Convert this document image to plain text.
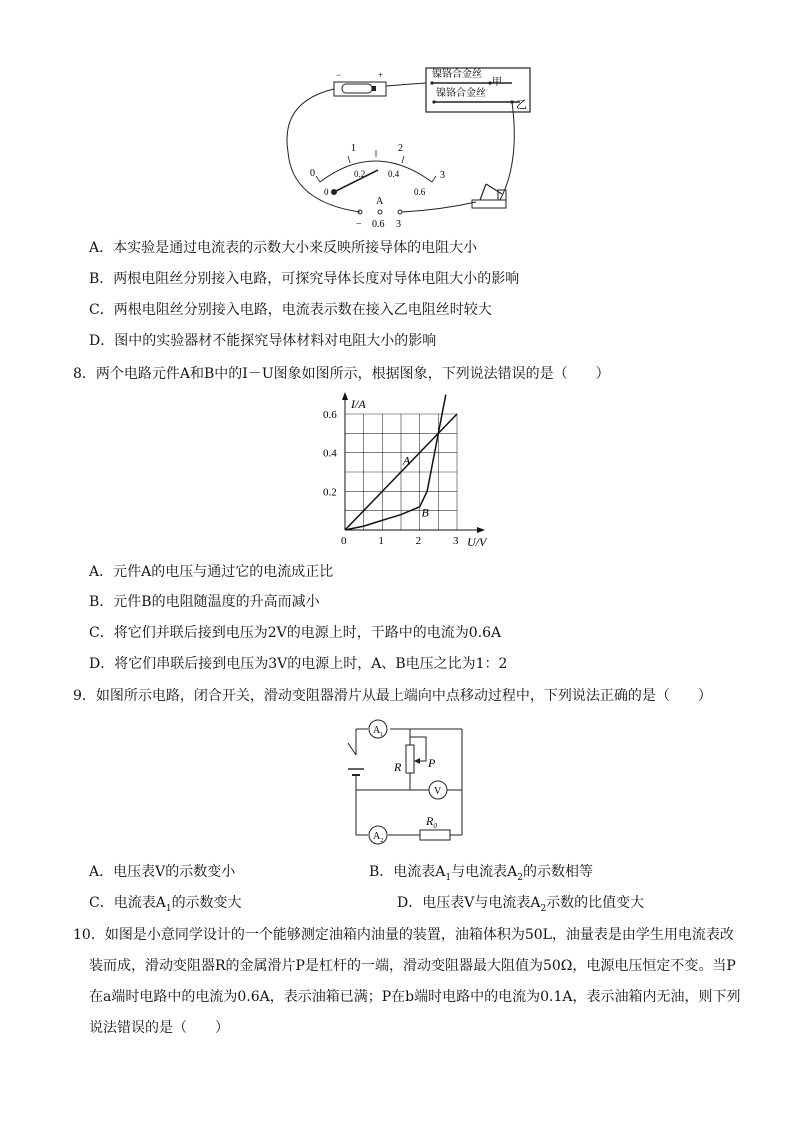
镍铬合金丝
甲
镍铬合金丝
乙
−	+
0
1	2
3
0
0.2	0.4
0.6
A
− 0.6 3
A．本实验是通过电流表的示数大小来反映所接导体的电阻大小
B．两根电阻丝分别接入电路，可探究导体长度对导体电阻大小的影响
C．两根电阻丝分别接入电路，电流表示数在接入乙电阻丝时较大
D．图中的实验器材不能探究导体材料对电阻大小的影响
8．两个电路元件A和B中的I－U图象如图所示，根据图象，下列说法错误的是（　　）
0	1	2	3
0.2
0.4
0.6
U/V
I/A
A
B
A．元件A的电压与通过它的电流成正比
B．元件B的电阻随温度的升高而减小
C．将它们并联后接到电压为2V的电源上时，干路中的电流为0.6A
D．将它们串联后接到电压为3V的电源上时，A、B电压之比为1：2
9．如图所示电路，闭合开关，滑动变阻器滑片从最上端向中点移动过程中，下列说法正确的是（　　）
$A_1$
V
$A_2$
R P
$R_0$
A．电压表V的示数变小	B．电流表$A_1$与电流表$A_2$的示数相等
C．电流表$A_1$的示数变大	D．电压表V与电流表$A_2$示数的比值变大
10．如图是小意同学设计的一个能够测定油箱内油量的装置，油箱体积为50L，油量表是由学生用电流表改
装而成，滑动变阻器R的金属滑片P是杠杆的一端，滑动变阻器最大阻值为50Ω，电源电压恒定不变。当P
在a端时电路中的电流为0.6A，表示油箱已满；P在b端时电路中的电流为0.1A，表示油箱内无油，则下列
说法错误的是（　　）
